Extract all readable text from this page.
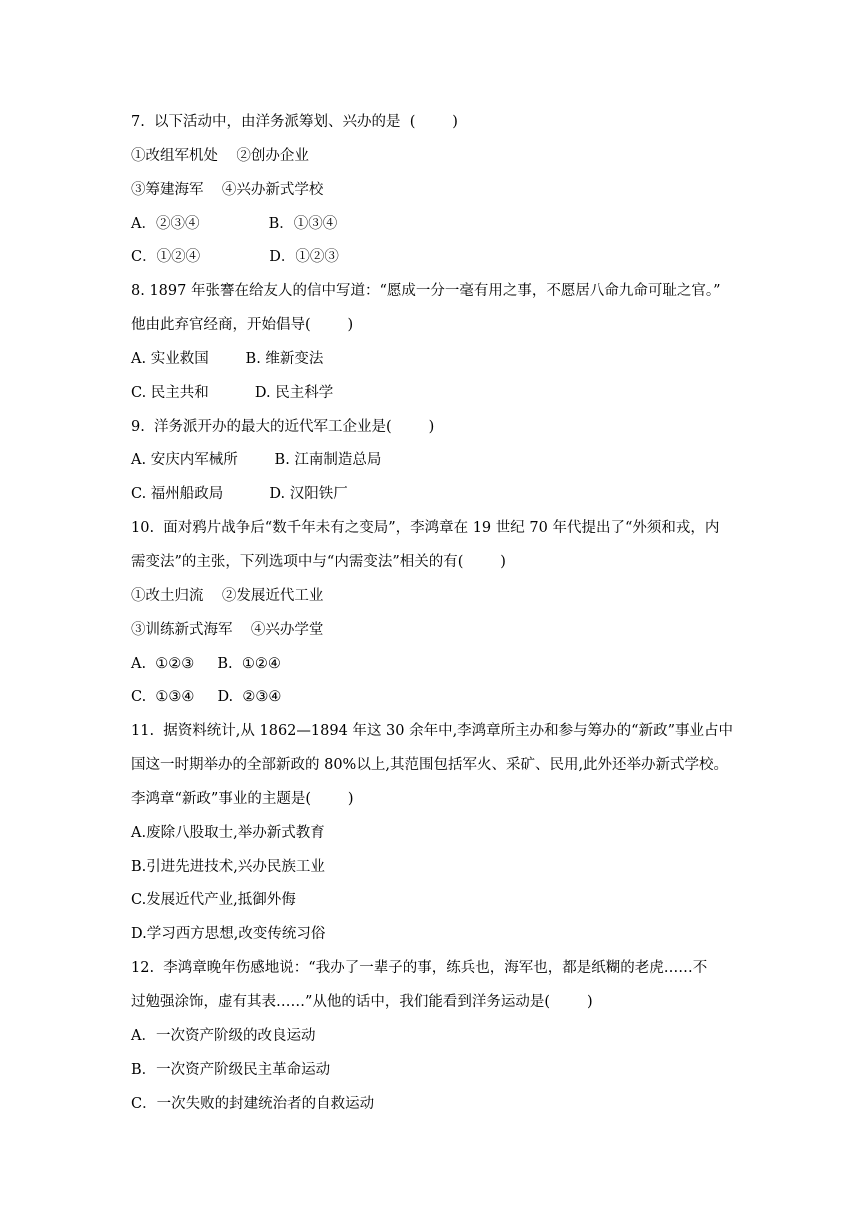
7.  以下活动中，由洋务派筹划、兴办的是  (        )
①改组军机处    ②创办企业
③筹建海军    ④兴办新式学校
A．②③④               B．①③④
C．①②④               D．①②③
8. 1897 年张謇在给友人的信中写道：“愿成一分一毫有用之事，不愿居八命九命可耻之官。”
他由此弃官经商，开始倡导(        )
A. 实业救国        B. 维新变法
C. 民主共和          D. 民主科学
9.  洋务派开办的最大的近代军工企业是(        )
A. 安庆内军械所        B. 江南制造总局
C. 福州船政局          D. 汉阳铁厂
10.  面对鸦片战争后“数千年未有之变局”，李鸿章在 19 世纪 70 年代提出了“外须和戎，内
需变法”的主张，下列选项中与“内需变法”相关的有(        )
①改土归流    ②发展近代工业
③训练新式海军    ④兴办学堂
A.  ①②③     B.  ①②④
C.  ①③④     D.  ②③④
11.  据资料统计,从 1862—1894 年这 30 余年中,李鸿章所主办和参与筹办的“新政”事业占中
国这一时期举办的全部新政的 80%以上,其范围包括军火、采矿、民用,此外还举办新式学校。
李鸿章“新政”事业的主题是(        )
A.废除八股取士,举办新式教育
B.引进先进技术,兴办民族工业
C.发展近代产业,抵御外侮
D.学习西方思想,改变传统习俗
12.  李鸿章晚年伤感地说：“我办了一辈子的事，练兵也，海军也，都是纸糊的老虎……不
过勉强涂饰，虚有其表……”从他的话中，我们能看到洋务运动是(        )
A．一次资产阶级的改良运动
B．一次资产阶级民主革命运动
C．一次失败的封建统治者的自救运动
